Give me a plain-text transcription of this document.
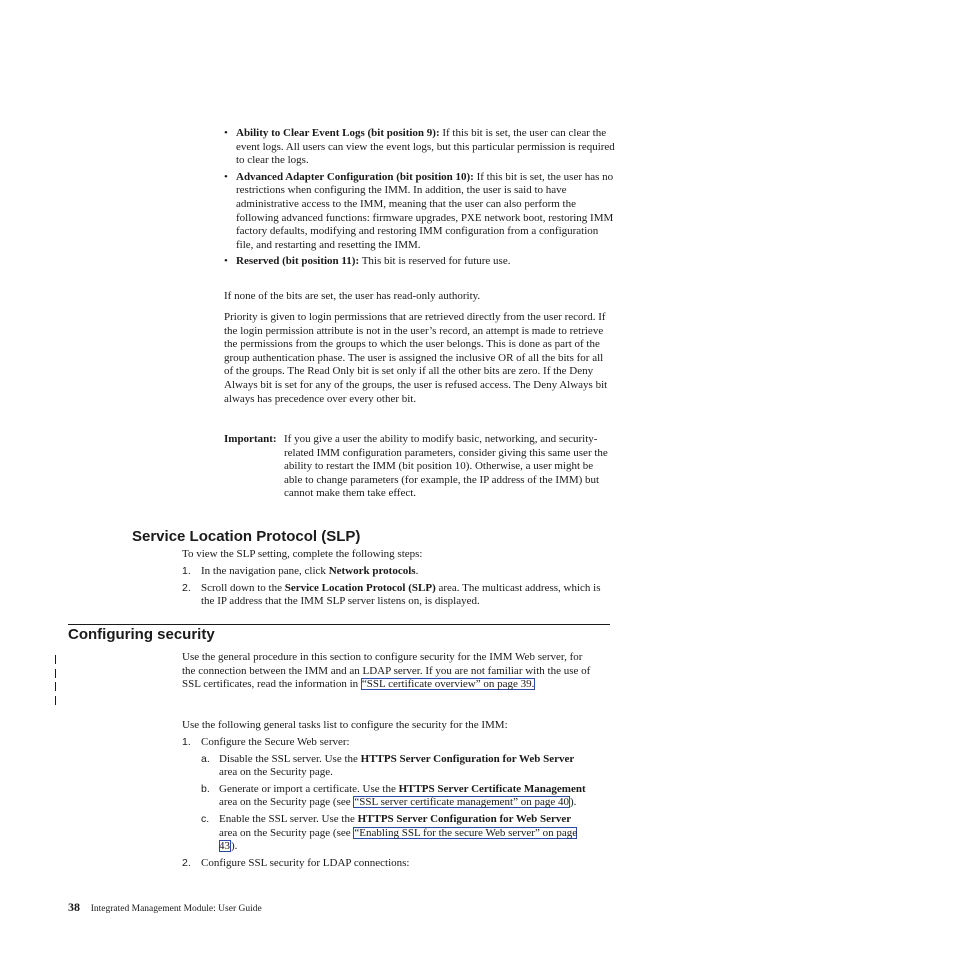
• Ability to Clear Event Logs (bit position 9): If this bit is set, the user can clear the event logs. All users can view the event logs, but this particular permission is required to clear the logs.
• Advanced Adapter Configuration (bit position 10): If this bit is set, the user has no restrictions when configuring the IMM. In addition, the user is said to have administrative access to the IMM, meaning that the user can also perform the following advanced functions: firmware upgrades, PXE network boot, restoring IMM factory defaults, modifying and restoring IMM configuration from a configuration file, and restarting and resetting the IMM.
• Reserved (bit position 11): This bit is reserved for future use.

If none of the bits are set, the user has read-only authority.

Priority is given to login permissions that are retrieved directly from the user record. If the login permission attribute is not in the user’s record, an attempt is made to retrieve the permissions from the groups to which the user belongs. This is done as part of the group authentication phase. The user is assigned the inclusive OR of all the bits for all of the groups. The Read Only bit is set only if all the other bits are zero. If the Deny Always bit is set for any of the groups, the user is refused access. The Deny Always bit always has precedence over every other bit.

Important: If you give a user the ability to modify basic, networking, and security-related IMM configuration parameters, consider giving this same user the ability to restart the IMM (bit position 10). Otherwise, a user might be able to change parameters (for example, the IP address of the IMM) but cannot make them take effect.

Service Location Protocol (SLP)

To view the SLP setting, complete the following steps:

1. In the navigation pane, click Network protocols.
2. Scroll down to the Service Location Protocol (SLP) area. The multicast address, which is the IP address that the IMM SLP server listens on, is displayed.
Configuring security

Use the general procedure in this section to configure security for the IMM Web server, for the connection between the IMM and an LDAP server. If you are not familiar with the use of SSL certificates, read the information in “SSL certificate overview” on page 39.

Use the following general tasks list to configure the security for the IMM:

1. Configure the Secure Web server:
a. Disable the SSL server. Use the HTTPS Server Configuration for Web Server area on the Security page.
b. Generate or import a certificate. Use the HTTPS Server Certificate Management area on the Security page (see “SSL server certificate management” on page 40).
c. Enable the SSL server. Use the HTTPS Server Configuration for Web Server area on the Security page (see “Enabling SSL for the secure Web server” on page 43).
2. Configure SSL security for LDAP connections:
38 Integrated Management Module: User Guide
